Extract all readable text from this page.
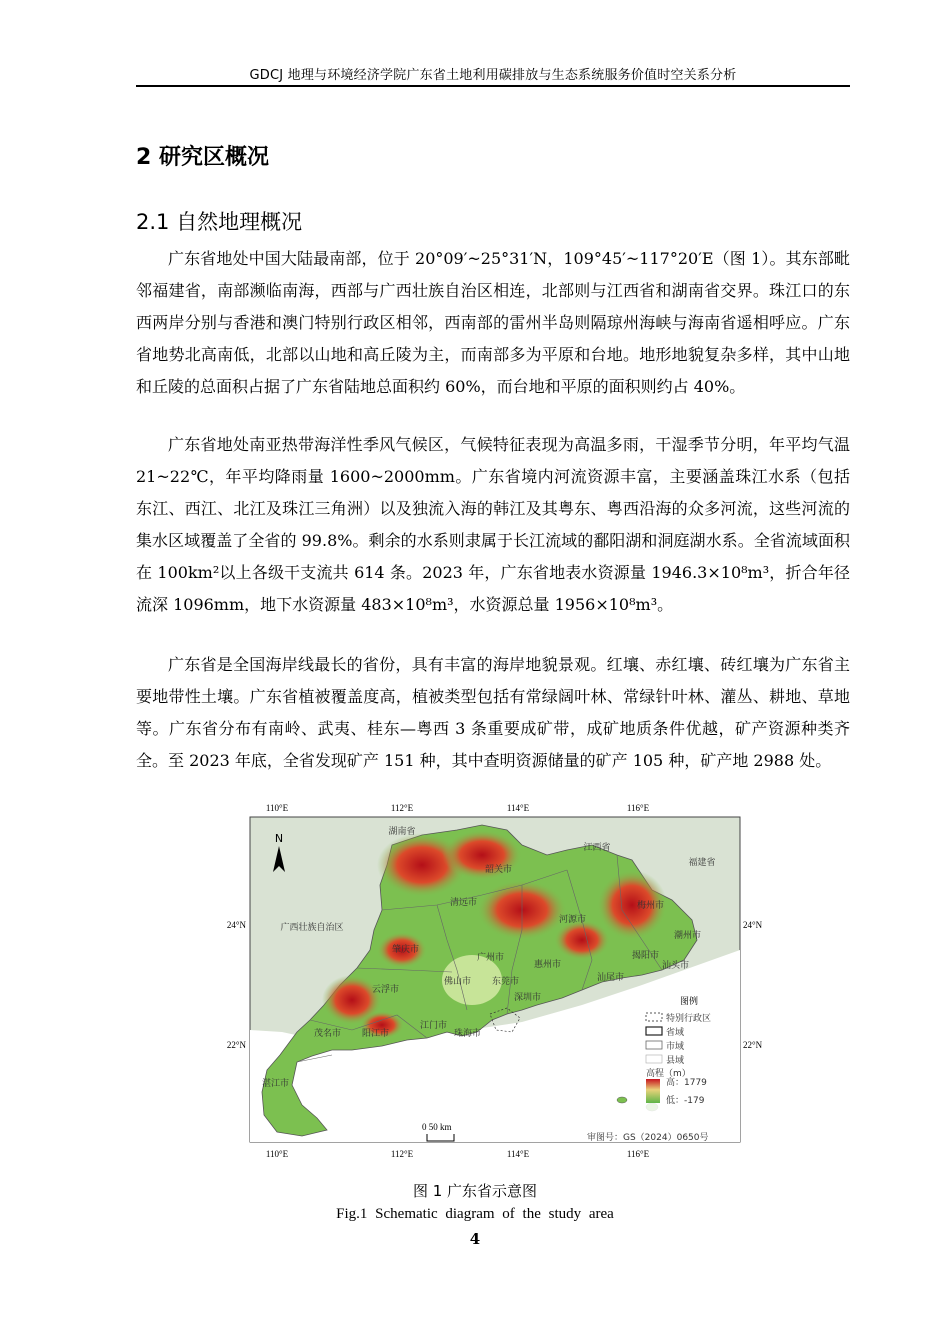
GDCJ 地理与环境经济学院广东省土地利用碳排放与生态系统服务价值时空关系分析
2 研究区概况
2.1 自然地理概况

广东省地处中国大陆最南部，位于 20°09′~25°31′N，109°45′~117°20′E（图 1）。其东部毗邻福建省，南部濒临南海，西部与广西壮族自治区相连，北部则与江西省和湖南省交界。珠江口的东西两岸分别与香港和澳门特别行政区相邻，西南部的雷州半岛则隔琼州海峡与海南省遥相呼应。广东省地势北高南低，北部以山地和高丘陵为主，而南部多为平原和台地。地形地貌复杂多样，其中山地和丘陵的总面积占据了广东省陆地总面积约 60%，而台地和平原的面积则约占 40%。

广东省地处南亚热带海洋性季风气候区，气候特征表现为高温多雨，干湿季节分明，年平均气温 21~22℃，年平均降雨量 1600~2000mm。广东省境内河流资源丰富，主要涵盖珠江水系（包括东江、西江、北江及珠江三角洲）以及独流入海的韩江及其粤东、粤西沿海的众多河流，这些河流的集水区域覆盖了全省的 99.8%。剩余的水系则隶属于长江流域的鄱阳湖和洞庭湖水系。全省流域面积在 100km²以上各级干支流共 614 条。2023 年，广东省地表水资源量 1946.3×10⁸m³，折合年径流深 1096mm，地下水资源量 483×10⁸m³，水资源总量 1956×10⁸m³。

广东省是全国海岸线最长的省份，具有丰富的海岸地貌景观。红壤、赤红壤、砖红壤为广东省主要地带性土壤。广东省植被覆盖度高，植被类型包括有常绿阔叶林、常绿针叶林、灌丛、耕地、草地等。广东省分布有南岭、武夷、桂东—粤西 3 条重要成矿带，成矿地质条件优越，矿产资源种类齐全。至 2023 年底，全省发现矿产 151 种，其中查明资源储量的矿产 105 种，矿产地 2988 处。

110°E	112°E	114°E	116°E
110°E	112°E	114°E	116°E
24°N
22°N
24°N
22°N
N	湖南省
江西省
福建省
广西壮族自治区
韶关市
清远市
河源市
梅州市
潮州市
揭阳市
汕头市
汕尾市
惠州市
广州市
肇庆市
云浮市
佛山市 东莞市
深圳市
江门市
珠海市
茂名市 阳江市
湛江市
图例
特别行政区
省域
市域
县域
高程（m）
高：1779
低：-179
0 50 km
审图号：GS（2024）0650号
图 1 广东省示意图
Fig.1 Schematic diagram of the study area
4
